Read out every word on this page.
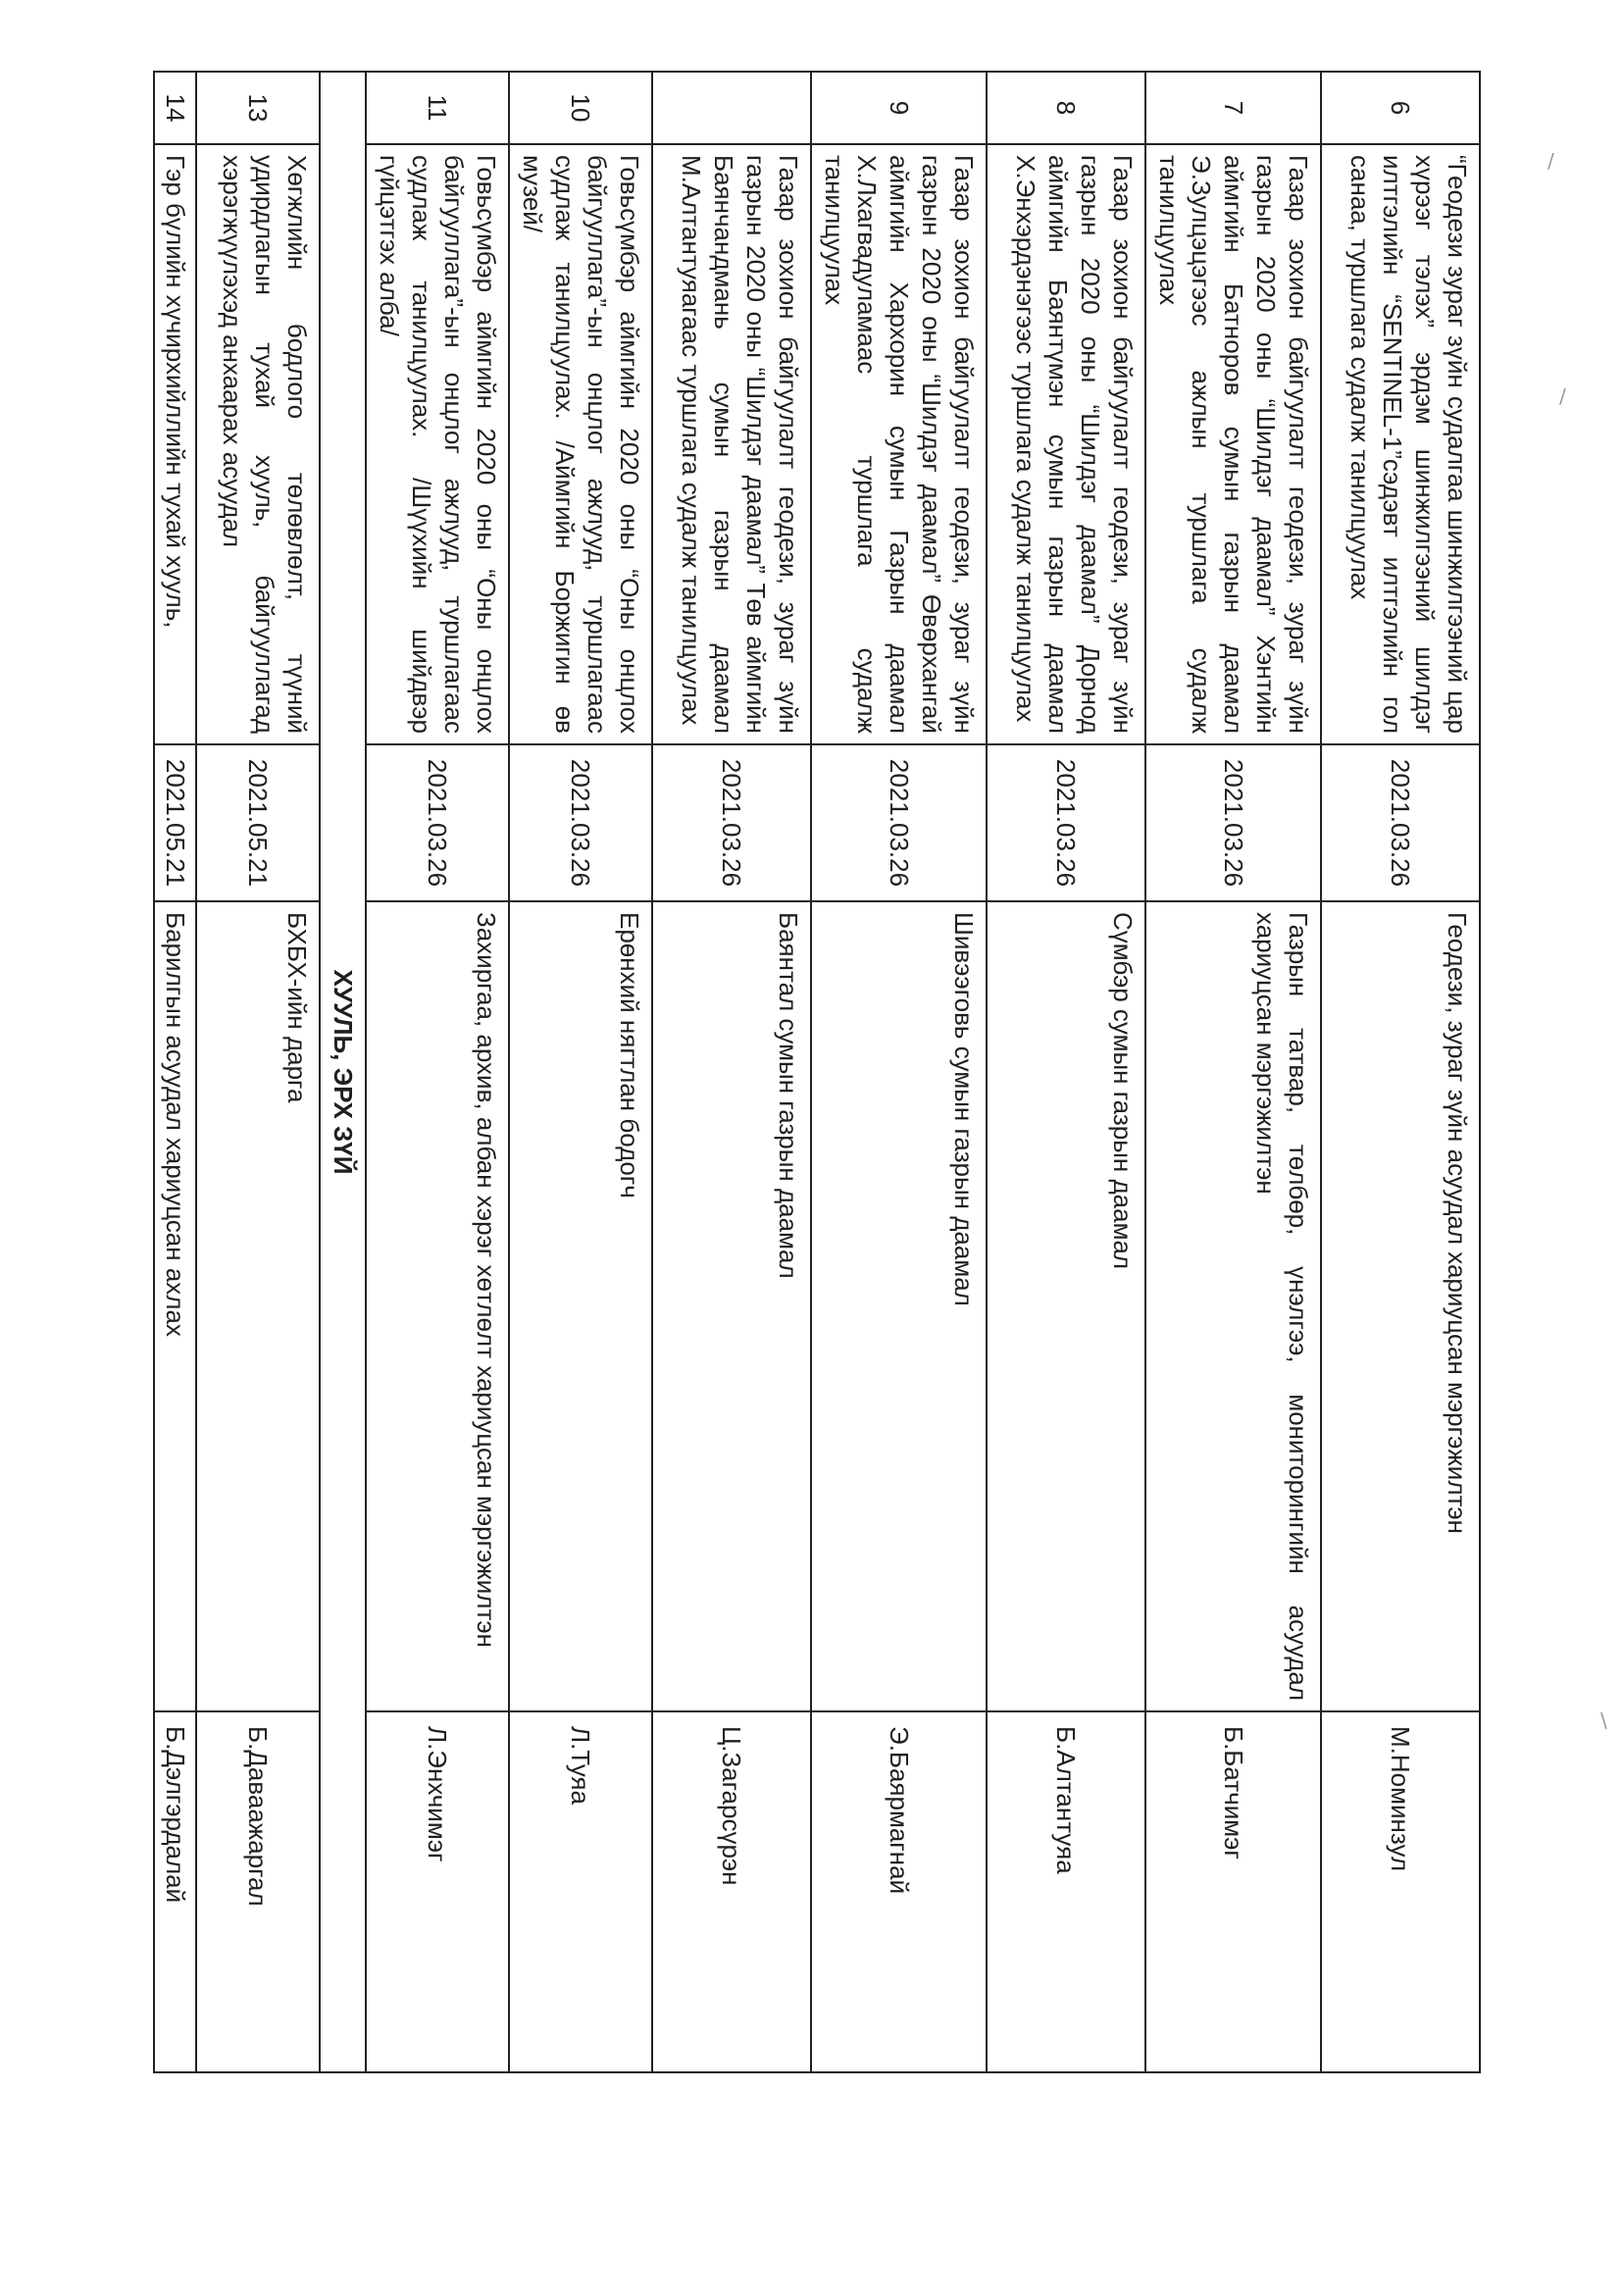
6	“Геодези зураг зүйн судалгаа шинжилгээний цар хүрээг тэлэх” эрдэм шинжилгээний шилдэг илтгэлийн “SENTINEL-1”сэдэвт илтгэлийн гол санаа, туршлага судалж танилцуулах	2021.03.26	Геодези, зураг зүйн асуудал хариуцсан мэргэжилтэн	М.Номинзул
7	Газар зохион байгуулалт геодези, зураг зүйн газрын 2020 оны “Шилдэг даамал” Хэнтийн аймгийн Батноров сумын газрын даамал Э.Зулцэцэгээс ажлын туршлага судалж танилцуулах	2021.03.26	Газрын татвар, төлбөр, үнэлгээ, мониторингийн асуудал хариуцсан мэргэжилтэн	Б.Батчимэг
8	Газар зохион байгуулалт геодези, зураг зүйн газрын 2020 оны “Шилдэг даамал” Дорнод аймгийн Баянтүмэн сумын газрын даамал Х.Энхэрдэнэгээс туршлага судалж танилцуулах	2021.03.26	Сүмбэр сумын газрын даамал	Б.Алтантуяа
9	Газар зохион байгуулалт геодези, зураг зүйн газрын 2020 оны “Шилдэг даамал” Өвөрхангай аймгийн Хархорин сумын Газрын даамал Х.Лхагвадуламаас туршлага судалж танилцуулах	2021.03.26	Шивээговь сумын газрын даамал	Э.Баярмагнай
	Газар зохион байгуулалт геодези, зураг зүйн газрын 2020 оны “Шилдэг даамал” Төв аймгийн Баянчандмань сумын газрын даамал М.Алтантуяагаас туршлага судалж танилцуулах	2021.03.26	Баянтал сумын газрын даамал	Ц.Загарсүрэн
10	Говьсүмбэр аймгийн 2020 оны “Оны онцлох байгууллага”-ын онцлог ажлууд, туршлагаас судлаж танилцуулах. /Аймгийн Боржигин өв музей/	2021.03.26	Ерөнхий нягтлан бодогч	Л.Туяа
11	Говьсүмбэр аймгийн 2020 оны “Оны онцлох байгууллага”-ын онцлог ажлууд, туршлагаас судлаж танилцуулах. /Шүүхийн шийдвэр гүйцэтгэх алба/	2021.03.26	Захиргаа, архив, албан хэрэг хөтлөлт хариуцсан мэргэжилтэн	Л.Энхчимэг
ХУУЛЬ, ЭРХ ЗҮЙ				
13	Хөгжлийн бодлого төлөвлөлт, түүний удирдлагын тухай хууль, байгууллагад хэрэгжүүлэхэд анхаарах асуудал	2021.05.21	БХБХ-ийн дарга	Б.Даваажаргал
14	Гэр бүлийн хүчирхийллийн тухай хууль,	2021.05.21	Барилгын асуудал хариуцсан ахлах	Б.Дэлгэрдалай
/
/
\
